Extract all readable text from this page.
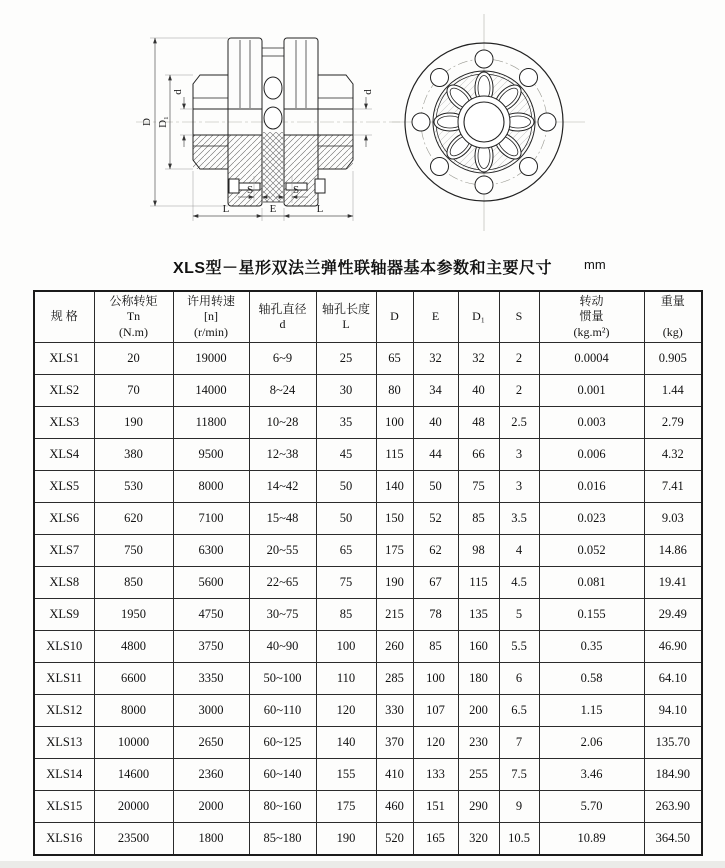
D D₁
d	d
S	S
L	E	L
XLS型－星形双法兰弹性联轴器基本参数和主要尺寸	mm
规 格

公称转矩
Tn
(N.m)

许用转速
[n]
(r/min)

轴孔直径
d

轴孔长度
L

D	E	D₁	S

转动
惯量
(kg.m²)

重量

(kg)

XLS1	20	19000	6~9	25	65	32	32	2	0.0004	0.905
XLS2	70	14000	8~24	30	80	34	40	2	0.001	1.44
XLS3	190	11800	10~28	35	100	40	48	2.5	0.003	2.79
XLS4	380	9500	12~38	45	115	44	66	3	0.006	4.32
XLS5	530	8000	14~42	50	140	50	75	3	0.016	7.41
XLS6	620	7100	15~48	50	150	52	85	3.5	0.023	9.03
XLS7	750	6300	20~55	65	175	62	98	4	0.052	14.86
XLS8	850	5600	22~65	75	190	67	115	4.5	0.081	19.41
XLS9	1950	4750	30~75	85	215	78	135	5	0.155	29.49
XLS10	4800	3750	40~90	100	260	85	160	5.5	0.35	46.90
XLS11	6600	3350	50~100	110	285	100	180	6	0.58	64.10
XLS12	8000	3000	60~110	120	330	107	200	6.5	1.15	94.10
XLS13	10000	2650	60~125	140	370	120	230	7	2.06	135.70
XLS14	14600	2360	60~140	155	410	133	255	7.5	3.46	184.90
XLS15	20000	2000	80~160	175	460	151	290	9	5.70	263.90
XLS16	23500	1800	85~180	190	520	165	320	10.5	10.89	364.50
